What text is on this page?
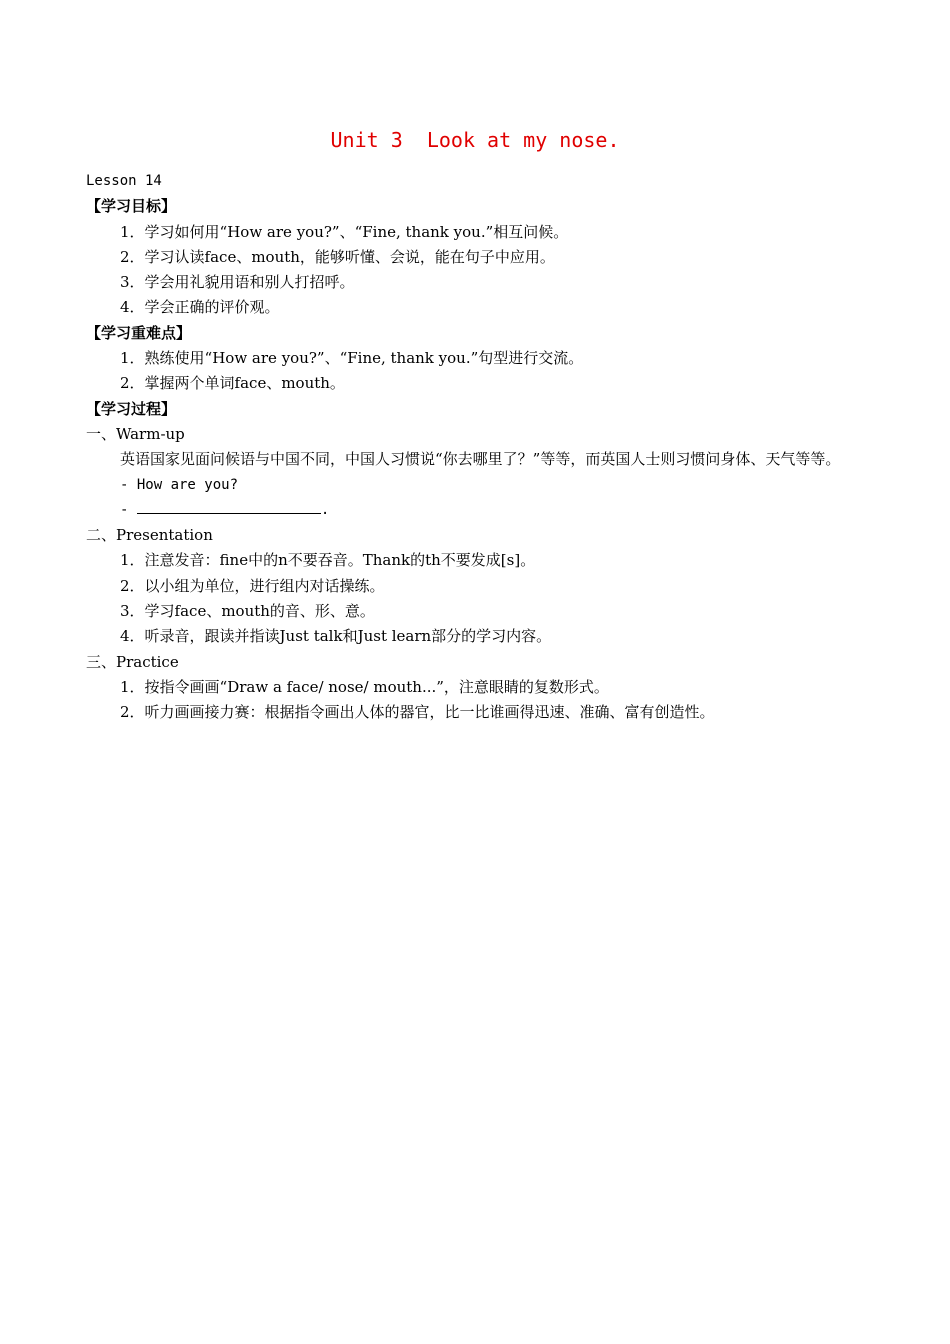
Unit 3  Look at my nose.
Lesson 14
【学习目标】
1．学习如何用“How are you?”、“Fine, thank you.”相互问候。
2．学习认读face、mouth，能够听懂、会说，能在句子中应用。
3．学会用礼貌用语和别人打招呼。
4．学会正确的评价观。
【学习重难点】
1．熟练使用“How are you?”、“Fine, thank you.”句型进行交流。
2．掌握两个单词face、mouth。
【学习过程】
一、Warm-up
英语国家见面问候语与中国不同，中国人习惯说“你去哪里了？”等等，而英国人士则习惯问身体、天气等等。
- How are you?
-	.
二、Presentation
1．注意发音：fine中的n不要吞音。Thank的th不要发成[s]。
2．以小组为单位，进行组内对话操练。
3．学习face、mouth的音、形、意。
4．听录音，跟读并指读Just talk和Just learn部分的学习内容。
三、Practice
1．按指令画画“Draw a face/ nose/ mouth...”，注意眼睛的复数形式。
2．听力画画接力赛：根据指令画出人体的器官，比一比谁画得迅速、准确、富有创造性。
